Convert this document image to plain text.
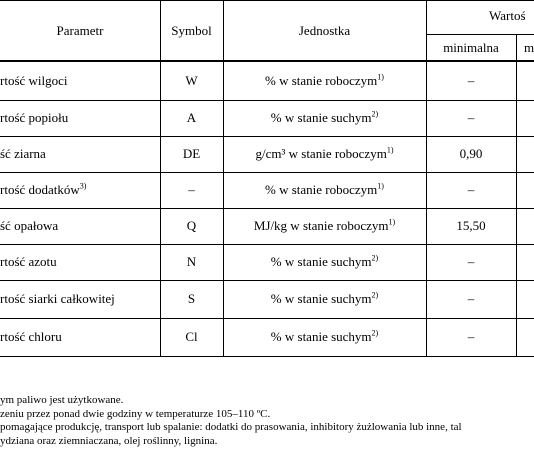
Parametr	Symbol	Jednostka
Wartoś
minimalna	m
rtość wilgoci	W	% w stanie roboczym$^{1)}$	–
rtość popiołu	A	% w stanie suchym$^{2)}$	–
ść ziarna	DE	g/cm³ w stanie roboczym$^{1)}$	0,90
rtość dodatków$^{3)}$	–	% w stanie roboczym$^{1)}$	–
ść opałowa	Q	MJ/kg w stanie roboczym$^{1)}$	15,50
rtość azotu	N	% w stanie suchym$^{2)}$	–
rtość siarki całkowitej	S	% w stanie suchym$^{2)}$	–
rtość chloru	Cl	% w stanie suchym$^{2)}$	–
ym paliwo jest użytkowane.
zeniu przez ponad dwie godziny w temperaturze 105–110 ºC.
pomagające produkcję, transport lub spalanie: dodatki do prasowania, inhibitory żużlowania lub inne, tal
ydziana oraz ziemniaczana, olej roślinny, lignina.
